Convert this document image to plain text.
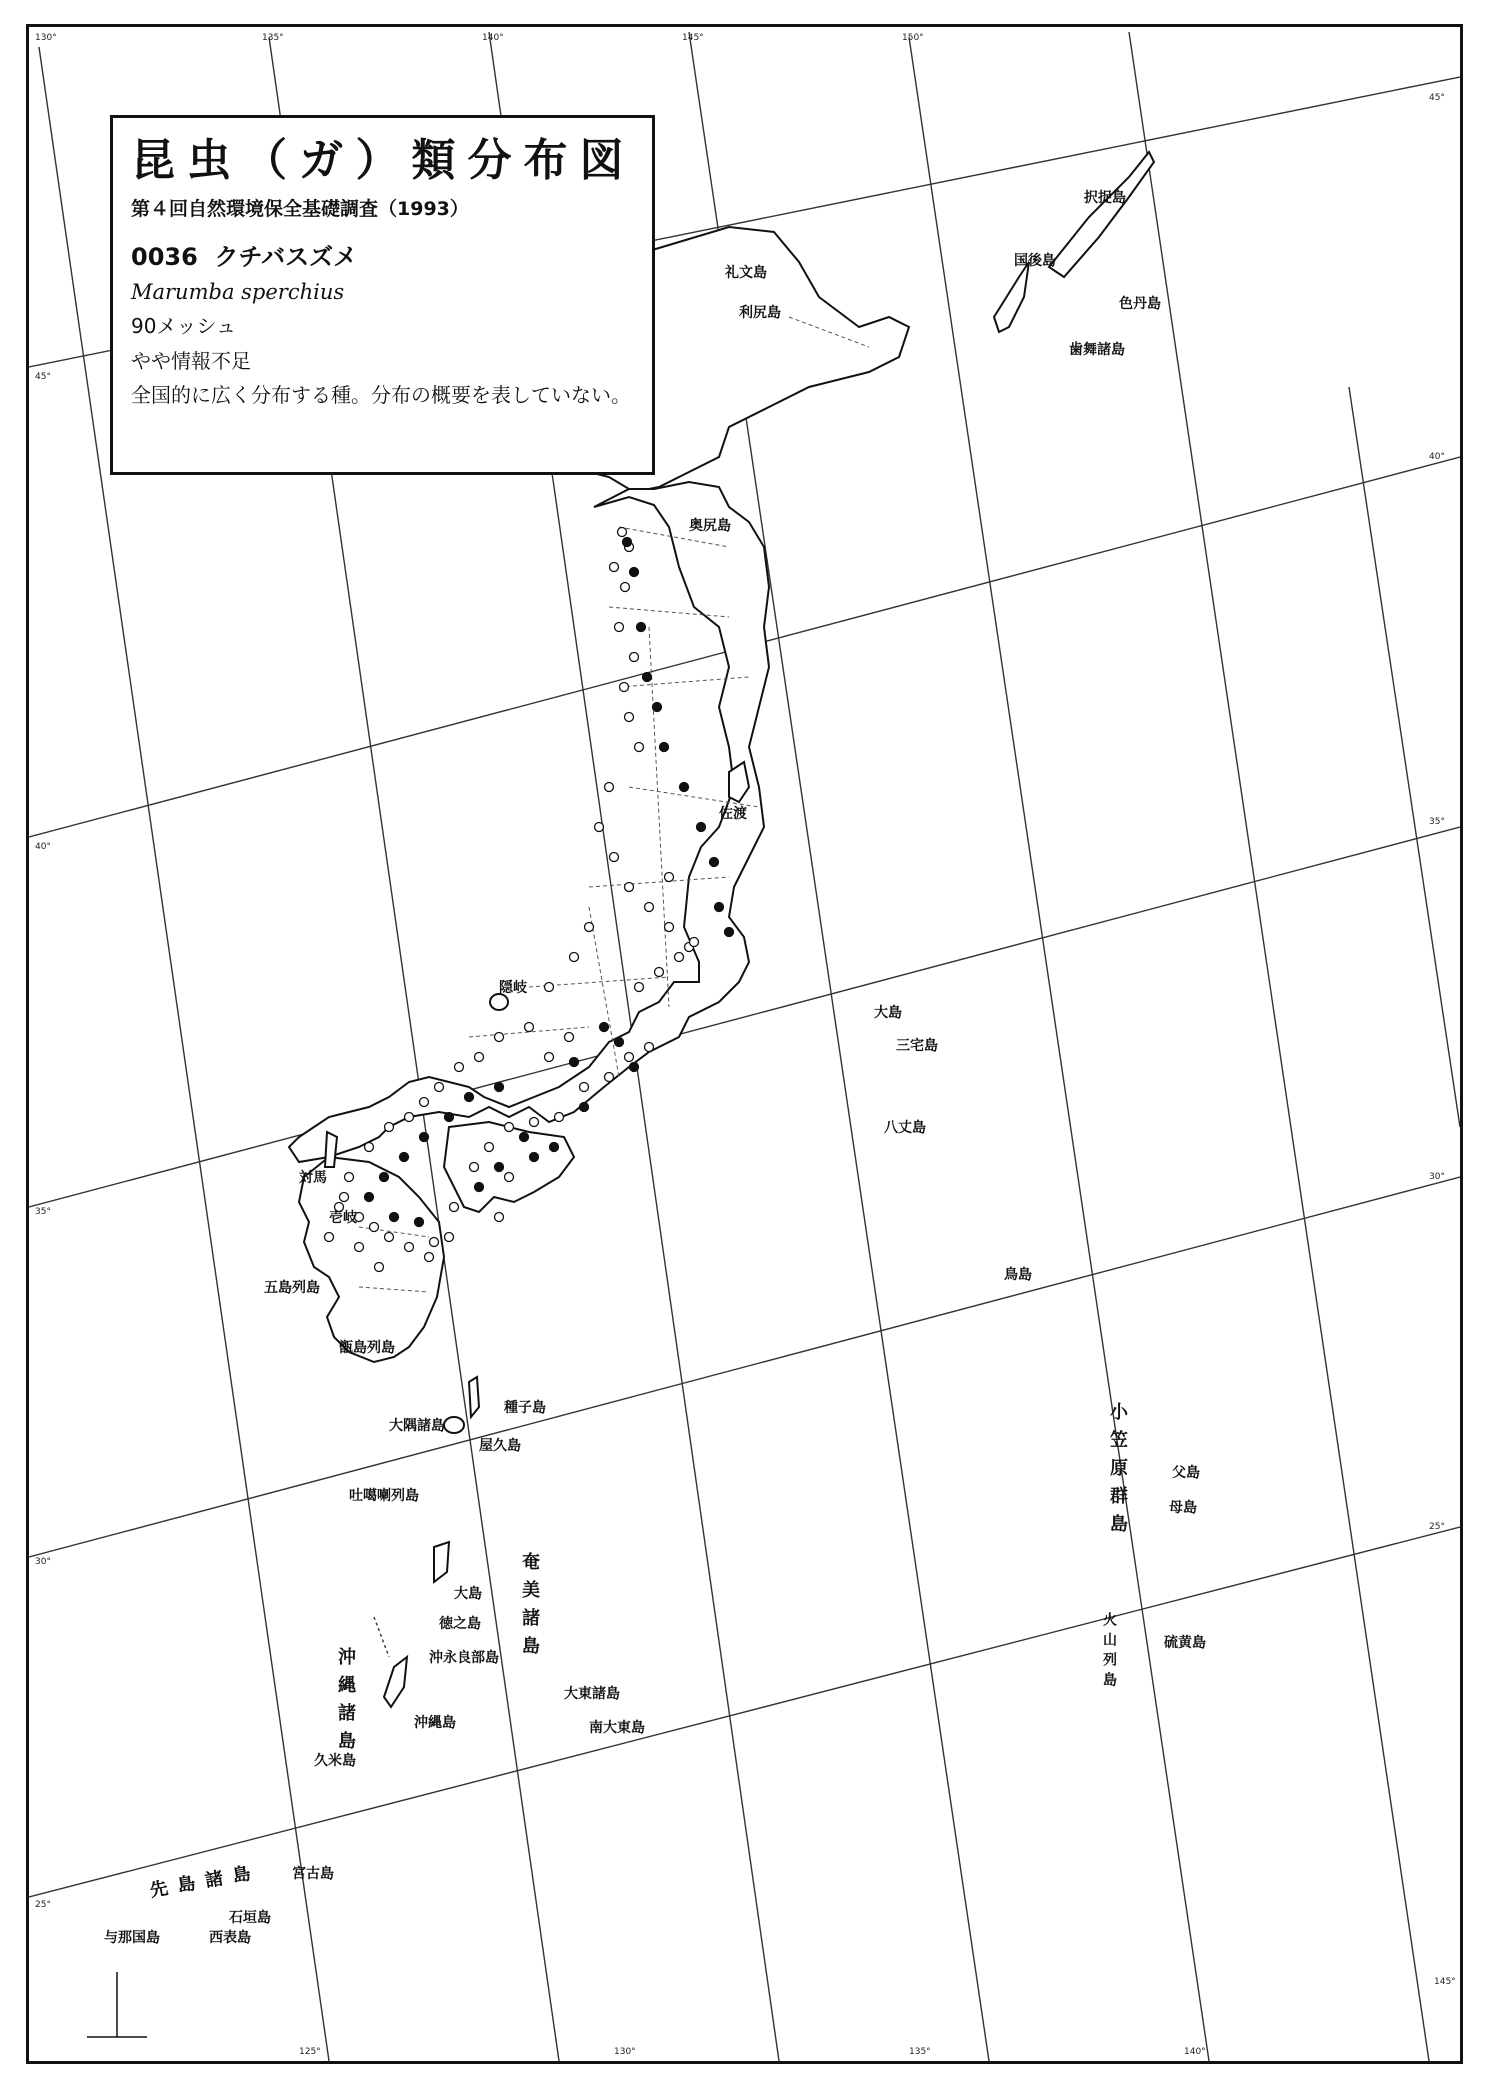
130°	135°	140°	145°	150°
45°
45°
40°
40°
35°
35°
30°
30°
25°
25°
125°	130°	135°	140°
145°
択捉島
国後島
色丹島
歯舞諸島
礼文島
利尻島
奥尻島
佐渡
隠岐
対馬
壱岐
五島列島
甑島列島
種子島
大隅諸島
屋久島
吐噶喇列島
大島
三宅島
八丈島
鳥島
大島
徳之島
沖永良部島
大東諸島
南大東島
沖縄島
久米島
宮古島
石垣島
西表島
与那国島
父島
母島
硫黄島
奄美諸島
沖縄諸島
先島諸島
小笠原群島
火山列島
昆虫（ガ）類分布図
第４回自然環境保全基礎調査（1993）
0036 クチバスズメ
Marumba sperchius
90メッシュ
やや情報不足
全国的に広く分布する種。分布の概要を表していない。
